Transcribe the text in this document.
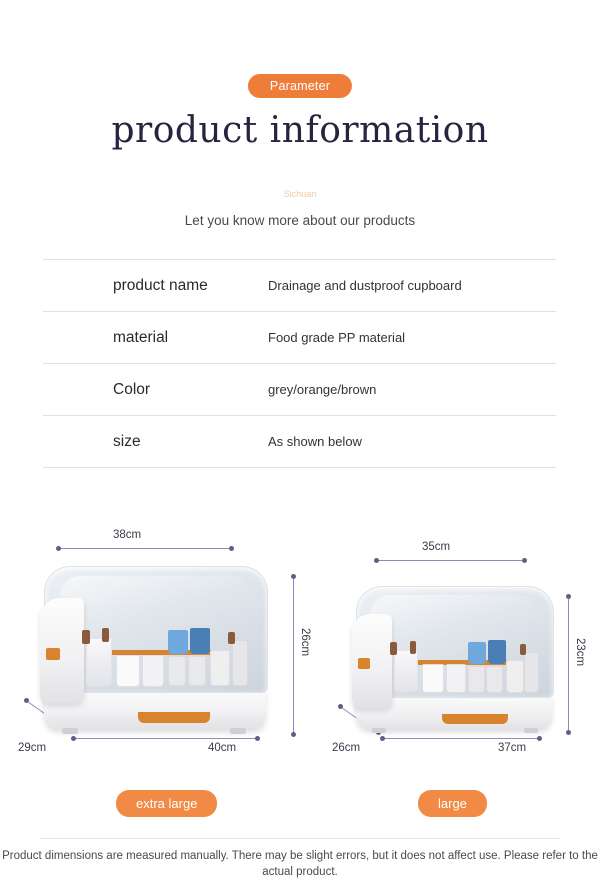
Parameter
product information
Sichuan
Let you know more about our products
product name	Drainage and dustproof cupboard
material	Food grade PP material
Color	grey/orange/brown
size	As shown below
38cm
26cm
40cm
29cm
35cm
23cm
37cm
26cm
extra large	large
Product dimensions are measured manually. There may be slight errors, but it does not affect use. Please refer to the actual product.
